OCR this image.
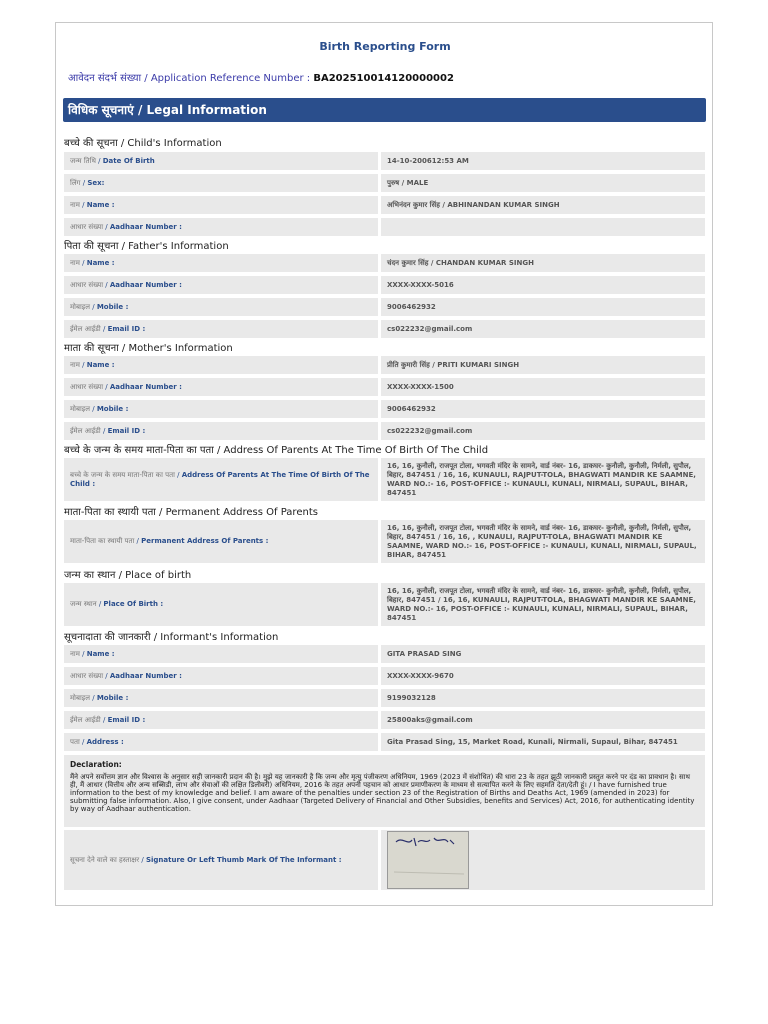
Birth Reporting Form
आवेदन संदर्भ संख्या / Application Reference Number : BA202510014120000002
विधिक सूचनाएं / Legal Information
बच्चे की सूचना / Child's Information
जन्म तिथि
/
Date Of Birth	14-10-200612:53 AM
लिंग
/
Sex:	पुरुष / MALE
नाम
/
Name :	अभिनंदन कुमार सिंह / ABHINANDAN KUMAR SINGH
आधार संख्या
/
Aadhaar Number :
पिता की सूचना / Father's Information
नाम
/
Name :	चंदन कुमार सिंह / CHANDAN KUMAR SINGH
आधार संख्या
/
Aadhaar Number :	XXXX-XXXX-5016
मोबाइल
/
Mobile :	9006462932
ईमेल आईडी
/
Email ID :	cs022232@gmail.com
माता की सूचना / Mother's Information
नाम
/
Name :	प्रीति कुमारी सिंह / PRITI KUMARI SINGH
आधार संख्या
/
Aadhaar Number :	XXXX-XXXX-1500
मोबाइल
/
Mobile :	9006462932
ईमेल आईडी
/
Email ID :	cs022232@gmail.com
बच्चे के जन्म के समय माता-पिता का पता / Address Of Parents At The Time Of Birth Of The Child
बच्चे के जन्म के समय माता-पिता का पता / Address Of Parents At The Time Of Birth Of The Child :
16, 16, कुनौली, राजपूत टोला, भगवती मंदिर के सामने, वार्ड नंबर- 16, डाकघर- कुनौली, कुनौली, निर्मली, सुपौल, बिहार, 847451 / 16, 16, KUNAULI, RAJPUT-TOLA, BHAGWATI MANDIR KE SAAMNE, WARD NO.:- 16, POST-OFFICE :- KUNAULI, KUNALI, NIRMALI, SUPAUL, BIHAR, 847451
माता-पिता का स्थायी पता / Permanent Address Of Parents
माता-पिता का स्थायी पता / Permanent Address Of Parents :
16, 16, कुनौली, राजपूत टोला, भगवती मंदिर के सामने, वार्ड नंबर- 16, डाकघर- कुनौली, कुनौली, निर्मली, सुपौल, बिहार, 847451 / 16, 16, , KUNAULI, RAJPUT-TOLA, BHAGWATI MANDIR KE SAAMNE, WARD NO.:- 16, POST-OFFICE :- KUNAULI, KUNALI, NIRMALI, SUPAUL, BIHAR, 847451
जन्म का स्थान / Place of birth
जन्म स्थान / Place Of Birth :
16, 16, कुनौली, राजपूत टोला, भगवती मंदिर के सामने, वार्ड नंबर- 16, डाकघर- कुनौली, कुनौली, निर्मली, सुपौल, बिहार, 847451 / 16, 16, KUNAULI, RAJPUT-TOLA, BHAGWATI MANDIR KE SAAMNE, WARD NO.:- 16, POST-OFFICE :- KUNAULI, KUNALI, NIRMALI, SUPAUL, BIHAR, 847451
सूचनादाता की जानकारी / Informant's Information
नाम
/
Name :	GITA PRASAD SING
आधार संख्या
/
Aadhaar Number :	XXXX-XXXX-9670
मोबाइल
/
Mobile :	9199032128
ईमेल आईडी
/
Email ID :	25800aks@gmail.com
पता
/
Address :	Gita Prasad Sing, 15, Market Road, Kunali, Nirmali, Supaul, Bihar, 847451
Declaration:
मैंने अपने सर्वोत्तम ज्ञान और विश्वास के अनुसार सही जानकारी प्रदान की है। मुझे यह जानकारी है कि जन्म और मृत्यु पंजीकरण अधिनियम, 1969 (2023 में संशोधित) की धारा 23 के तहत झूठी जानकारी प्रस्तुत करने पर दंड का प्रावधान है। साथ ही, मैं आधार (वित्तीय और अन्य सब्सिडी, लाभ और सेवाओं की लक्षित डिलीवरी) अधिनियम, 2016 के तहत अपनी पहचान को आधार प्रमाणीकरण के माध्यम से सत्यापित करने के लिए सहमति देता/देती हूं। / I have furnished true information to the best of my knowledge and belief. I am aware of the penalties under section 23 of the Registration of Births and Deaths Act, 1969 (amended in 2023) for submitting false information. Also, I give consent, under Aadhaar (Targeted Delivery of Financial and Other Subsidies, benefits and Services) Act, 2016, for authenticating identity by way of Aadhaar authentication.
सूचना देने वाले का हस्ताक्षर / Signature Or Left Thumb Mark Of The Informant :
